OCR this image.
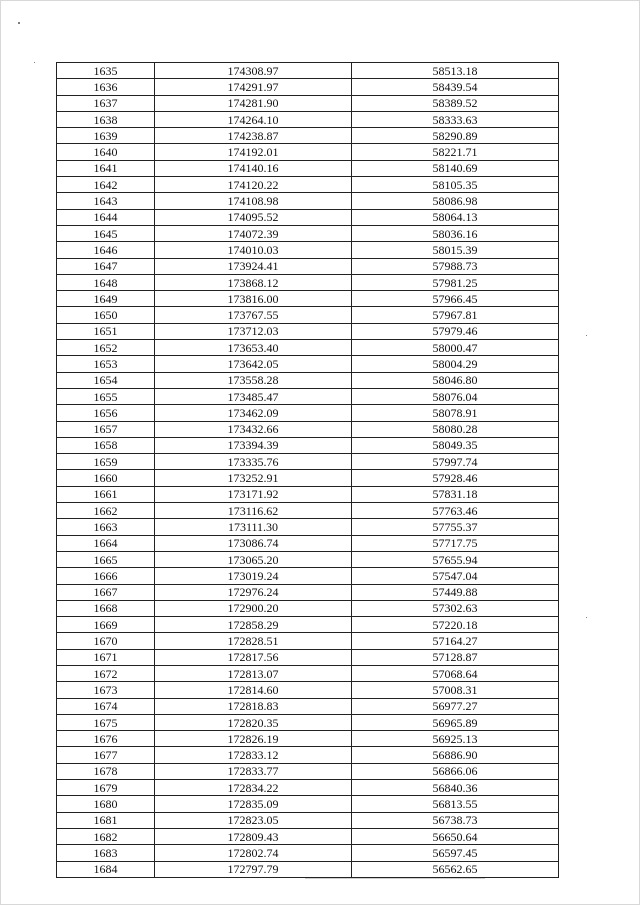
1635	174308.97	58513.18
1636	174291.97	58439.54
1637	174281.90	58389.52
1638	174264.10	58333.63
1639	174238.87	58290.89
1640	174192.01	58221.71
1641	174140.16	58140.69
1642	174120.22	58105.35
1643	174108.98	58086.98
1644	174095.52	58064.13
1645	174072.39	58036.16
1646	174010.03	58015.39
1647	173924.41	57988.73
1648	173868.12	57981.25
1649	173816.00	57966.45
1650	173767.55	57967.81
1651	173712.03	57979.46
1652	173653.40	58000.47
1653	173642.05	58004.29
1654	173558.28	58046.80
1655	173485.47	58076.04
1656	173462.09	58078.91
1657	173432.66	58080.28
1658	173394.39	58049.35
1659	173335.76	57997.74
1660	173252.91	57928.46
1661	173171.92	57831.18
1662	173116.62	57763.46
1663	173111.30	57755.37
1664	173086.74	57717.75
1665	173065.20	57655.94
1666	173019.24	57547.04
1667	172976.24	57449.88
1668	172900.20	57302.63
1669	172858.29	57220.18
1670	172828.51	57164.27
1671	172817.56	57128.87
1672	172813.07	57068.64
1673	172814.60	57008.31
1674	172818.83	56977.27
1675	172820.35	56965.89
1676	172826.19	56925.13
1677	172833.12	56886.90
1678	172833.77	56866.06
1679	172834.22	56840.36
1680	172835.09	56813.55
1681	172823.05	56738.73
1682	172809.43	56650.64
1683	172802.74	56597.45
1684	172797.79	56562.65
